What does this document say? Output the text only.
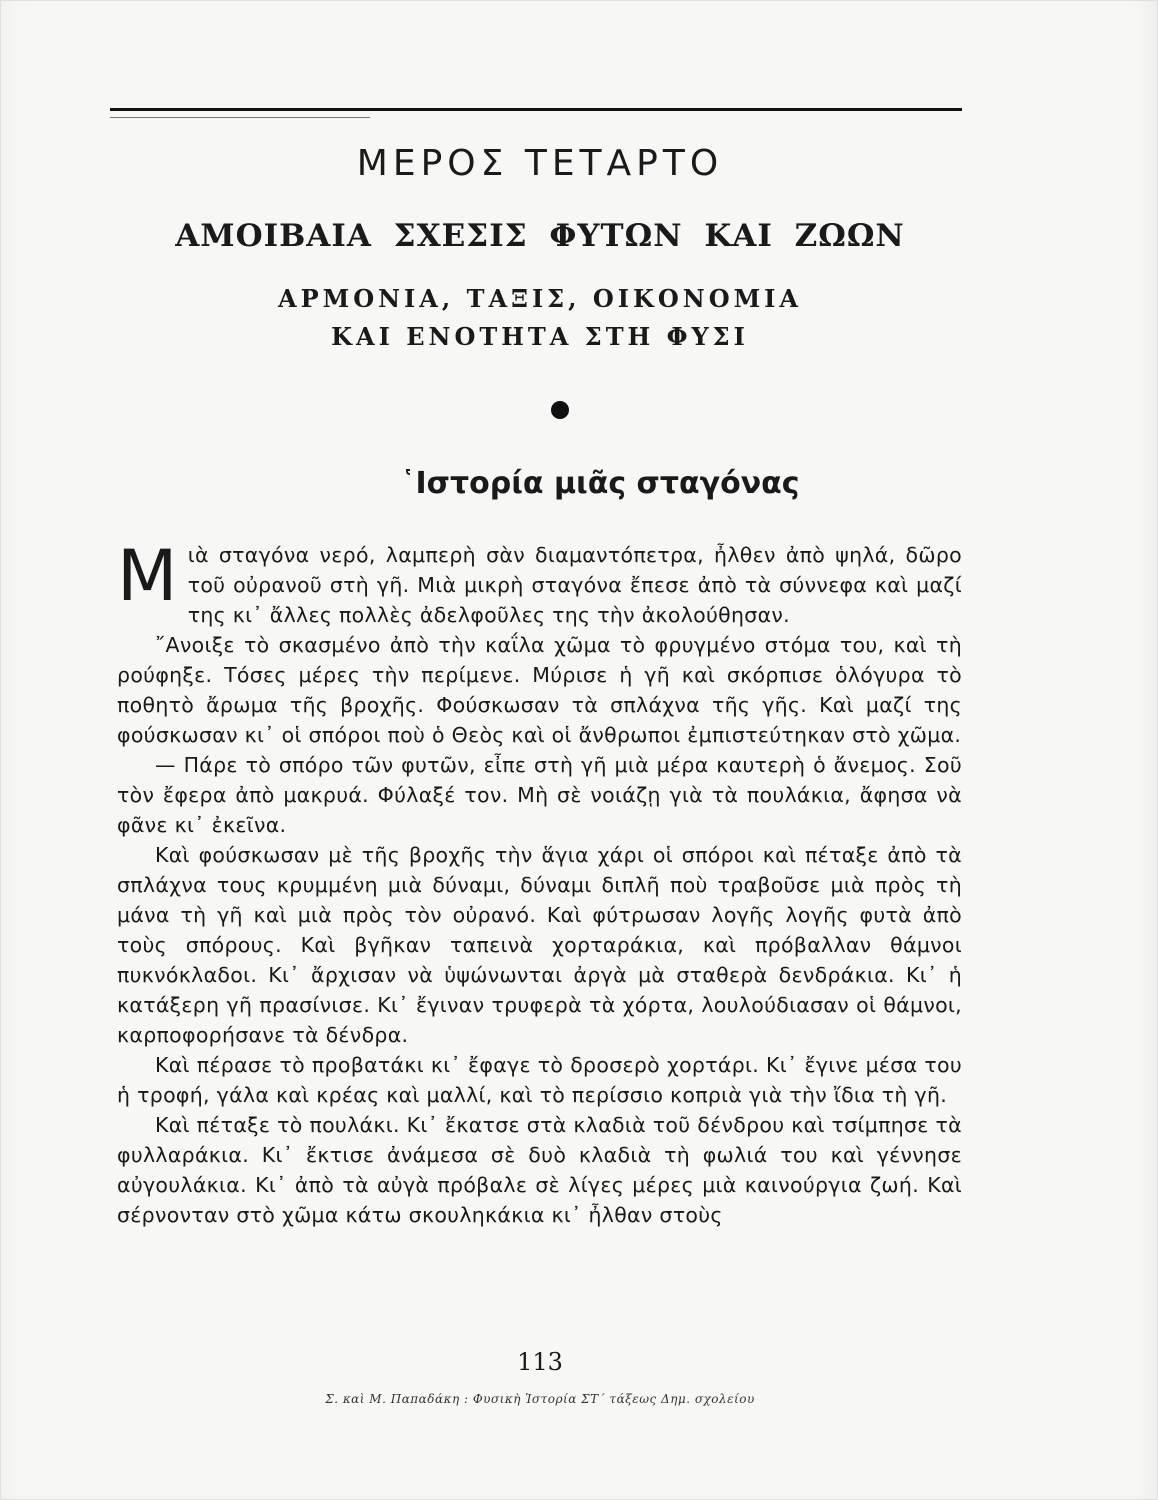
ΜΕΡΟΣ ΤΕΤΑΡΤΟ
ΑΜΟΙΒΑΙΑ ΣΧΕΣΙΣ ΦΥΤΩΝ ΚΑΙ ΖΩΩΝ
ΑΡΜΟΝΙΑ, ΤΑΞΙΣ, ΟΙΚΟΝΟΜΙΑ
ΚΑΙ ΕΝΟΤΗΤΑ ΣΤΗ ΦΥΣΙ
῾Ιστορία μιᾶς σταγόνας

Μιὰ σταγόνα νερό, λαμπερὴ σὰν διαμαντόπετρα, ἦλθεν ἀπὸ ψηλά, δῶρο τοῦ οὐρανοῦ στὴ γῆ. Μιὰ μικρὴ σταγόνα ἔπεσε ἀπὸ τὰ σύννεφα καὶ μαζί της κι᾿ ἄλλες πολλὲς ἀδελφοῦλες της τὴν ἀκολούθησαν.

῎Ανοιξε τὸ σκασμένο ἀπὸ τὴν καΐλα χῶμα τὸ φρυγμένο στόμα του, καὶ τὴ ρούφηξε. Τόσες μέρες τὴν περίμενε. Μύρισε ἡ γῆ καὶ σκόρπισε ὁλόγυρα τὸ ποθητὸ ἄρωμα τῆς βροχῆς. Φούσκωσαν τὰ σπλάχνα τῆς γῆς. Καὶ μαζί της φούσκωσαν κι᾿ οἱ σπόροι ποὺ ὁ Θεὸς καὶ οἱ ἄνθρωποι ἐμπιστεύτηκαν στὸ χῶμα.

— Πάρε τὸ σπόρο τῶν φυτῶν, εἶπε στὴ γῆ μιὰ μέρα καυτερὴ ὁ ἄνεμος. Σοῦ τὸν ἔφερα ἀπὸ μακρυά. Φύλαξέ τον. Μὴ σὲ νοιάζῃ γιὰ τὰ πουλάκια, ἄφησα νὰ φᾶνε κι᾿ ἐκεῖνα.

Καὶ φούσκωσαν μὲ τῆς βροχῆς τὴν ἅγια χάρι οἱ σπόροι καὶ πέταξε ἀπὸ τὰ σπλάχνα τους κρυμμένη μιὰ δύναμι, δύναμι διπλῆ ποὺ τραβοῦσε μιὰ πρὸς τὴ μάνα τὴ γῆ καὶ μιὰ πρὸς τὸν οὐρανό. Καὶ φύτρωσαν λογῆς λογῆς φυτὰ ἀπὸ τοὺς σπόρους. Καὶ βγῆκαν ταπεινὰ χορταράκια, καὶ πρόβαλλαν θάμνοι πυκνόκλαδοι. Κι᾿ ἄρχισαν νὰ ὑψώνωνται ἀργὰ μὰ σταθερὰ δενδράκια. Κι᾿ ἡ κατάξερη γῆ πρασίνισε. Κι᾿ ἔγιναν τρυφερὰ τὰ χόρτα, λουλούδιασαν οἱ θάμνοι, καρποφορήσανε τὰ δένδρα.

Καὶ πέρασε τὸ προβατάκι κι᾿ ἔφαγε τὸ δροσερὸ χορτάρι. Κι᾿ ἔγινε μέσα του ἡ τροφή, γάλα καὶ κρέας καὶ μαλλί, καὶ τὸ περίσσιο κοπριὰ γιὰ τὴν ἴδια τὴ γῆ.

Καὶ πέταξε τὸ πουλάκι. Κι᾿ ἔκατσε στὰ κλαδιὰ τοῦ δένδρου καὶ τσίμπησε τὰ φυλλαράκια. Κι᾿ ἔκτισε ἀνάμεσα σὲ δυὸ κλαδιὰ τὴ φωλιά του καὶ γέννησε αὐγουλάκια. Κι᾿ ἀπὸ τὰ αὐγὰ πρόβαλε σὲ λίγες μέρες μιὰ καινούργια ζωή. Καὶ σέρνονταν στὸ χῶμα κάτω σκουληκάκια κι᾿ ἦλθαν στοὺς

113
Σ. καὶ Μ. Παπαδάκη : Φυσικὴ Ἱστορία ΣΤ´ τάξεως Δημ. σχολείου
